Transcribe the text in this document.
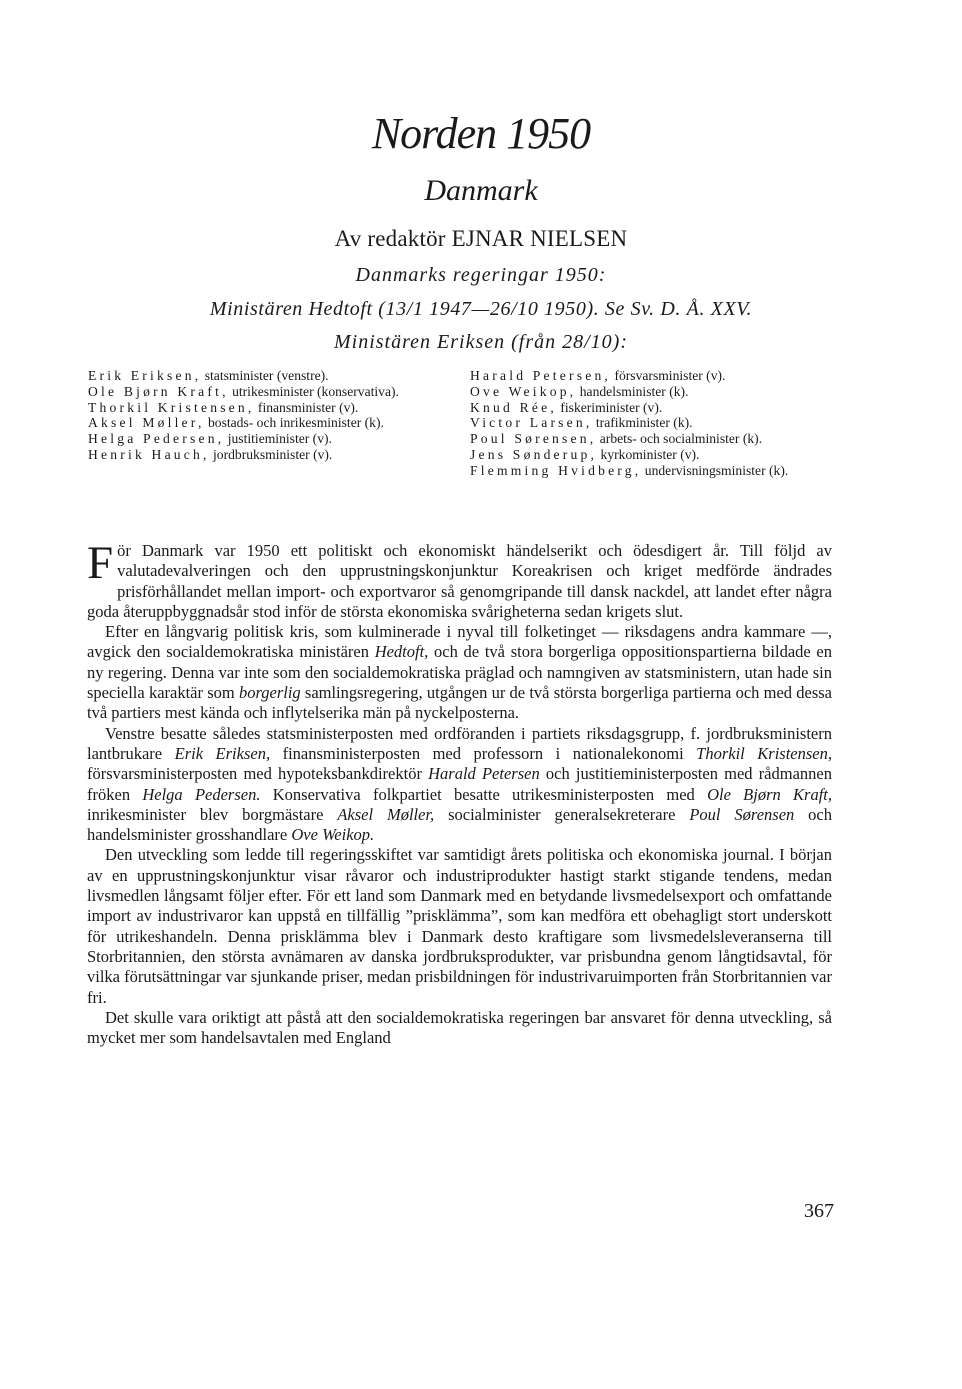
Norden 1950
Danmark
Av redaktör EJNAR NIELSEN
Danmarks regeringar 1950:
Ministären Hedtoft (13/1 1947—26/10 1950). Se Sv. D. Å. XXV.
Ministären Eriksen (från 28/10):

Erik Eriksen, statsminister (venstre).

Ole Bjørn Kraft, utrikesminister (konservativa).

Thorkil Kristensen, finansminister (v).

Aksel Møller, bostads- och inrikesminister (k).

Helga Pedersen, justitieminister (v).

Henrik Hauch, jordbruksminister (v).

Harald Petersen, försvarsminister (v).

Ove Weikop, handelsminister (k).

Knud Rée, fiskeriminister (v).

Victor Larsen, trafikminister (k).

Poul Sørensen, arbets- och socialminister (k).

Jens Sønderup, kyrkominister (v).

Flemming Hvidberg, undervisningsminister (k).

För Danmark var 1950 ett politiskt och ekonomiskt händelserikt och ödesdigert år. Till följd av valutadevalveringen och den upprustningskonjunktur Koreakrisen och kriget medförde ändrades prisförhållandet mellan import- och exportvaror så genomgripande till dansk nackdel, att landet efter några goda återuppbyggnadsår stod inför de största ekonomiska svårigheterna sedan krigets slut.

Efter en långvarig politisk kris, som kulminerade i nyval till folketinget — riksdagens andra kammare —, avgick den socialdemokratiska ministären Hedtoft, och de två stora borgerliga oppositionspartierna bildade en ny regering. Denna var inte som den socialdemokratiska präglad och namngiven av statsministern, utan hade sin speciella karaktär som borgerlig samlingsregering, utgången ur de två största borgerliga partierna och med dessa två partiers mest kända och inflytelserika män på nyckelposterna.

Venstre besatte således statsministerposten med ordföranden i partiets riksdagsgrupp, f. jordbruksministern lantbrukare Erik Eriksen, finansministerposten med professorn i nationalekonomi Thorkil Kristensen, försvarsministerposten med hypoteksbankdirektör Harald Petersen och justitieministerposten med rådmannen fröken Helga Pedersen. Konservativa folkpartiet besatte utrikesministerposten med Ole Bjørn Kraft, inrikesminister blev borgmästare Aksel Møller, socialminister generalsekreterare Poul Sørensen och handelsminister grosshandlare Ove Weikop.

Den utveckling som ledde till regeringsskiftet var samtidigt årets politiska och ekonomiska journal. I början av en upprustningskonjunktur visar råvaror och industriprodukter hastigt starkt stigande tendens, medan livsmedlen långsamt följer efter. För ett land som Danmark med en betydande livsmedelsexport och omfattande import av industrivaror kan uppstå en tillfällig ”prisklämma”, som kan medföra ett obehagligt stort underskott för utrikeshandeln. Denna prisklämma blev i Danmark desto kraftigare som livsmedelsleveranserna till Storbritannien, den största avnämaren av danska jordbruksprodukter, var prisbundna genom långtidsavtal, för vilka förutsättningar var sjunkande priser, medan prisbildningen för industrivaruimporten från Storbritannien var fri.

Det skulle vara oriktigt att påstå att den socialdemokratiska regeringen bar ansvaret för denna utveckling, så mycket mer som handelsavtalen med England

367
